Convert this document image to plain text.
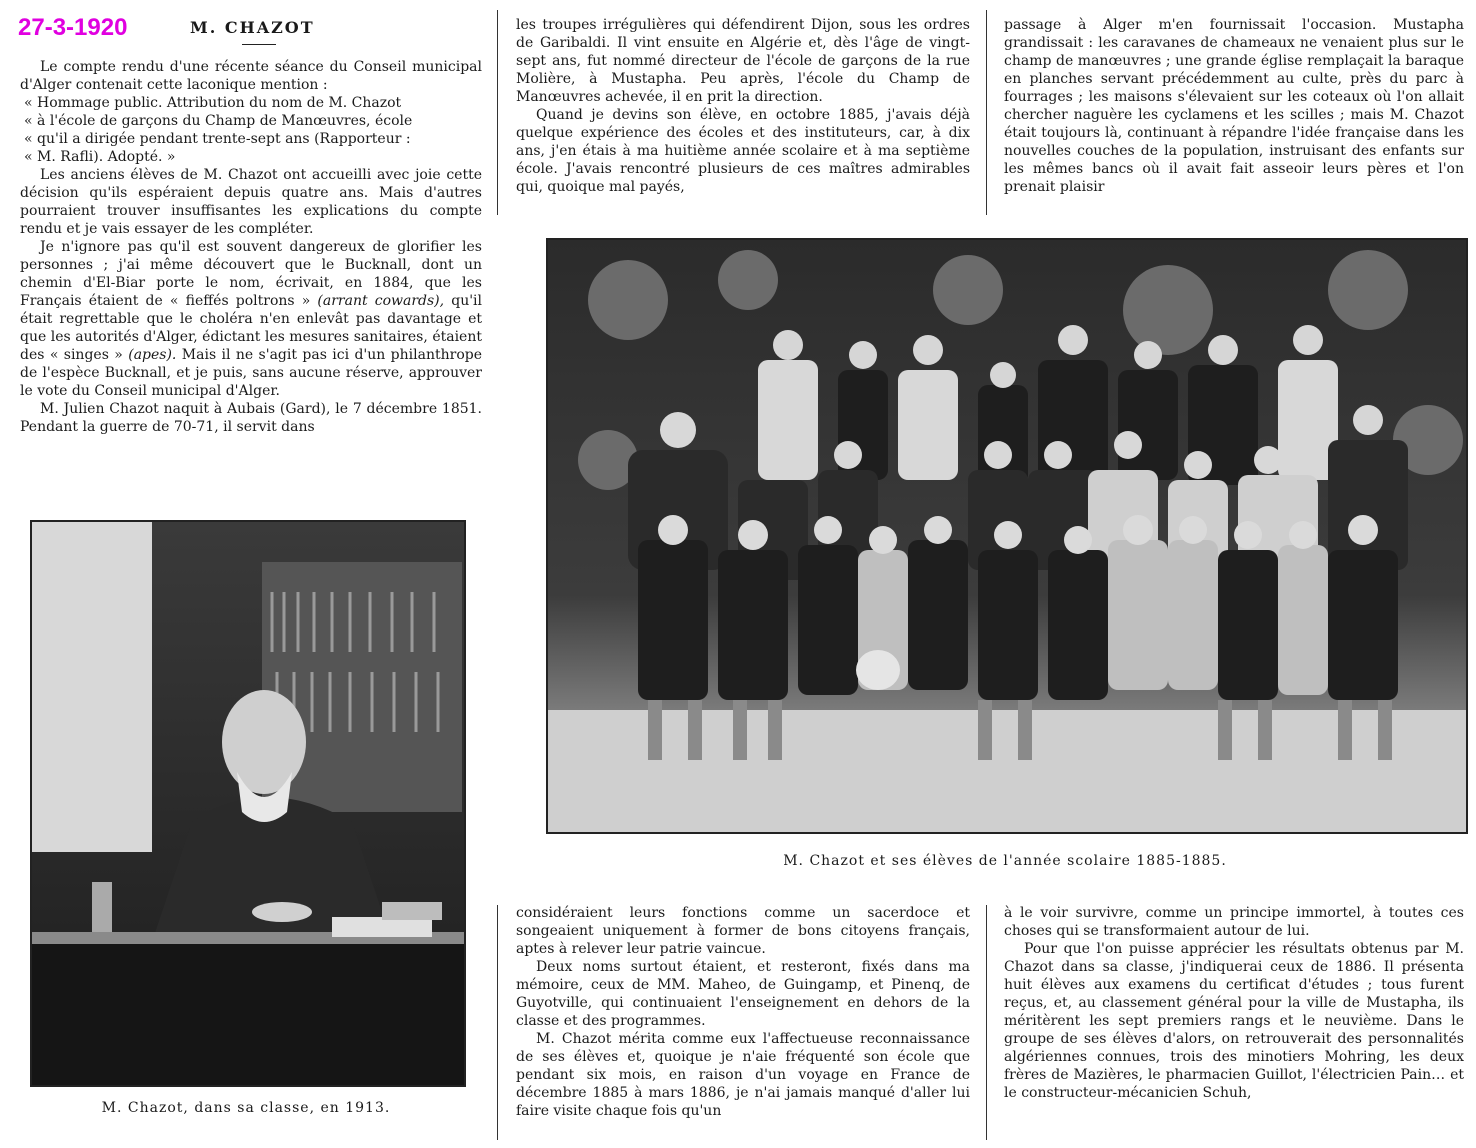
27-3-1920	M. CHAZOT

Le compte rendu d'une récente séance du Conseil municipal d'Alger contenait cette laconique mention :

« Hommage public. Attribution du nom de M. Chazot

« à l'école de garçons du Champ de Manœuvres, école

« qu'il a dirigée pendant trente-sept ans (Rapporteur :

« M. Rafli). Adopté. »

Les anciens élèves de M. Chazot ont accueilli avec joie cette décision qu'ils espéraient depuis quatre ans. Mais d'autres pourraient trouver insuffisantes les explications du compte rendu et je vais essayer de les compléter.

Je n'ignore pas qu'il est souvent dangereux de glorifier les personnes ; j'ai même découvert que le Bucknall, dont un chemin d'El-Biar porte le nom, écrivait, en 1884, que les Français étaient de « fieffés poltrons » (arrant cowards), qu'il était regrettable que le choléra n'en enlevât pas davantage et que les autorités d'Alger, édictant les mesures sanitaires, étaient des « singes » (apes). Mais il ne s'agit pas ici d'un philanthrope de l'espèce Bucknall, et je puis, sans aucune réserve, approuver le vote du Conseil municipal d'Alger.

M. Julien Chazot naquit à Aubais (Gard), le 7 décembre 1851. Pendant la guerre de 70-71, il servit dans

M. Chazot, dans sa classe, en 1913.

les troupes irrégulières qui défendirent Dijon, sous les ordres de Garibaldi. Il vint ensuite en Algérie et, dès l'âge de vingt-sept ans, fut nommé directeur de l'école de garçons de la rue Molière, à Mustapha. Peu après, l'école du Champ de Manœuvres achevée, il en prit la direction.

Quand je devins son élève, en octobre 1885, j'avais déjà quelque expérience des écoles et des instituteurs, car, à dix ans, j'en étais à ma huitième année scolaire et à ma septième école. J'avais rencontré plusieurs de ces maîtres admirables qui, quoique mal payés,

passage à Alger m'en fournissait l'occasion. Mustapha grandissait : les caravanes de chameaux ne venaient plus sur le champ de manœuvres ; une grande église remplaçait la baraque en planches servant précédemment au culte, près du parc à fourrages ; les maisons s'élevaient sur les coteaux où l'on allait chercher naguère les cyclamens et les scilles ; mais M. Chazot était toujours là, continuant à répandre l'idée française dans les nouvelles couches de la population, instruisant des enfants sur les mêmes bancs où il avait fait asseoir leurs pères et l'on prenait plaisir

M. Chazot et ses élèves de l'année scolaire 1885-1885.

considéraient leurs fonctions comme un sacerdoce et songeaient uniquement à former de bons citoyens français, aptes à relever leur patrie vaincue.

Deux noms surtout étaient, et resteront, fixés dans ma mémoire, ceux de MM. Maheo, de Guingamp, et Pinenq, de Guyotville, qui continuaient l'enseignement en dehors de la classe et des programmes.

M. Chazot mérita comme eux l'affectueuse reconnaissance de ses élèves et, quoique je n'aie fréquenté son école que pendant six mois, en raison d'un voyage en France de décembre 1885 à mars 1886, je n'ai jamais manqué d'aller lui faire visite chaque fois qu'un

à le voir survivre, comme un principe immortel, à toutes ces choses qui se transformaient autour de lui.

Pour que l'on puisse apprécier les résultats obtenus par M. Chazot dans sa classe, j'indiquerai ceux de 1886. Il présenta huit élèves aux examens du certificat d'études ; tous furent reçus, et, au classement général pour la ville de Mustapha, ils méritèrent les sept premiers rangs et le neuvième. Dans le groupe de ses élèves d'alors, on retrouverait des personnalités algériennes connues, trois des minotiers Mohring, les deux frères de Mazières, le pharmacien Guillot, l'électricien Pain… et le constructeur-mécanicien Schuh,
